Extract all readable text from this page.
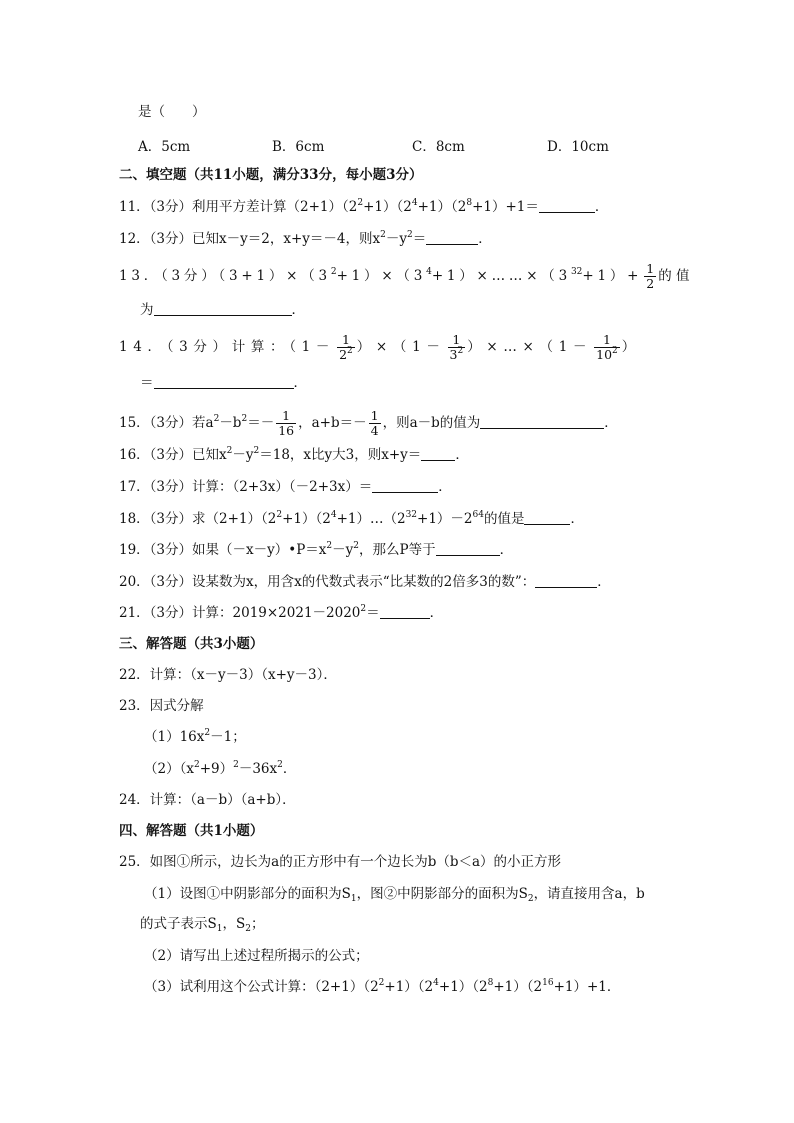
是（　　）
A．5cm	B．6cm	C．8cm	D．10cm
二、填空题（共11小题，满分33分，每小题3分）
11．（3分）利用平方差计算$(2+1)(2^2+1)(2^4+1)(2^8+1)+1=$	．
12．（3分）已知x－y＝2，x+y＝－4，则$x^2-y^2=$	．
13．（3分）$(3+1)\times(3^2+1)\times(3^4+1)\times\dots\dots\times(3^{32}+1)+ \frac{1}{2}$ 的 值
为	．
14．（3分）计算：$(1- \frac{1}{2^2} )\times(1- \frac{1}{3^2}$ ）×…×（1－ $\frac{1}{10^2}$ ）
＝	．
15．（3分）若$a^2-b^2=- \frac{1}{16}$ ，$a+b=- \frac{1}{4}$ ，则a－b的值为	．
16．（3分）已知$x^2-y^2=18$，x比y大3，则x+y＝	．
17．（3分）计算：（2+3x）（－2+3x）＝	．
18．（3分）求$(2+1)(2^2+1)(2^4+1)\dots(2^{32}+1)-2^{64}$的值是	．
19．（3分）如果$(-x-y)•P=x^2-y^2$，那么P等于	．
20．（3分）设某数为x，用含x的代数式表示“比某数的2倍多3的数”：	．
21．（3分）计算：$2019\times 2021-2020^2=$	．
三、解答题（共3小题）
22．计算：（x－y－3）（x+y－3）．
23．因式分解
$(1)16x^2-1$；
$(2)(x^2+9)^2-36x^2$．
24．计算：（a－b）（a+b）．
四、解答题（共1小题）
25．如图①所示，边长为a的正方形中有一个边长为b（b＜a）的小正方形
（1）设图①中阴影部分的面积为$S_1$，图②中阴影部分的面积为$S_2$，请直接用含a，b
的式子表示$S_1$，$S_2$；
（2）请写出上述过程所揭示的公式；
（3）试利用这个公式计算：$(2+1)(2^2+1)(2^4+1)(2^8+1)(2^{16}+1)+1$．
